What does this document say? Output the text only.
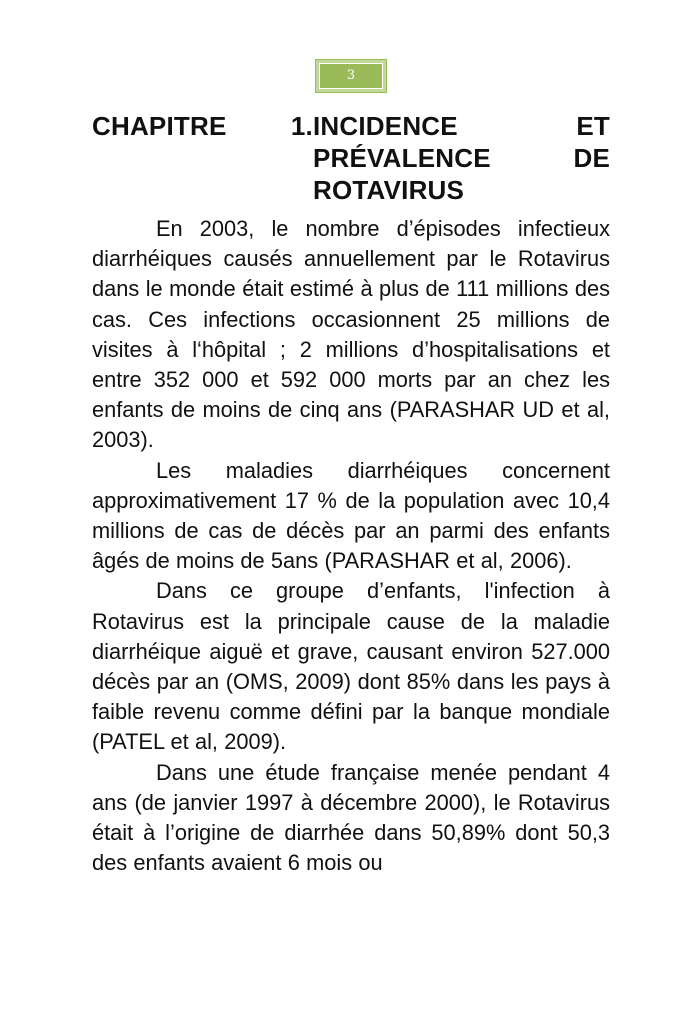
3
CHAPITRE 1. INCIDENCE ET PRÉVALENCE DE ROTAVIRUS

En 2003, le nombre d’épisodes infectieux diarrhéiques causés annuellement par le Rotavirus dans le monde était estimé à plus de 111 millions des cas. Ces infections occasionnent 25 millions de visites à l‘hôpital ; 2 millions d’hospitalisations et entre 352 000 et 592 000 morts par an chez les enfants de moins de cinq ans (PARASHAR UD et al, 2003).

Les maladies diarrhéiques concernent approximativement 17 % de la population avec 10,4 millions de cas de décès par an parmi des enfants âgés de moins de 5ans (PARASHAR et al, 2006).

Dans ce groupe d’enfants, l'infection à Rotavirus est la principale cause de la maladie diarrhéique aiguë et grave, causant environ 527.000 décès par an (OMS, 2009) dont 85% dans les pays à faible revenu comme défini par la banque mondiale (PATEL et al, 2009).

Dans une étude française menée pendant 4 ans (de janvier 1997 à décembre 2000), le Rotavirus était à l’origine de diarrhée dans 50,89% dont 50,3 des enfants avaient 6 mois ou
